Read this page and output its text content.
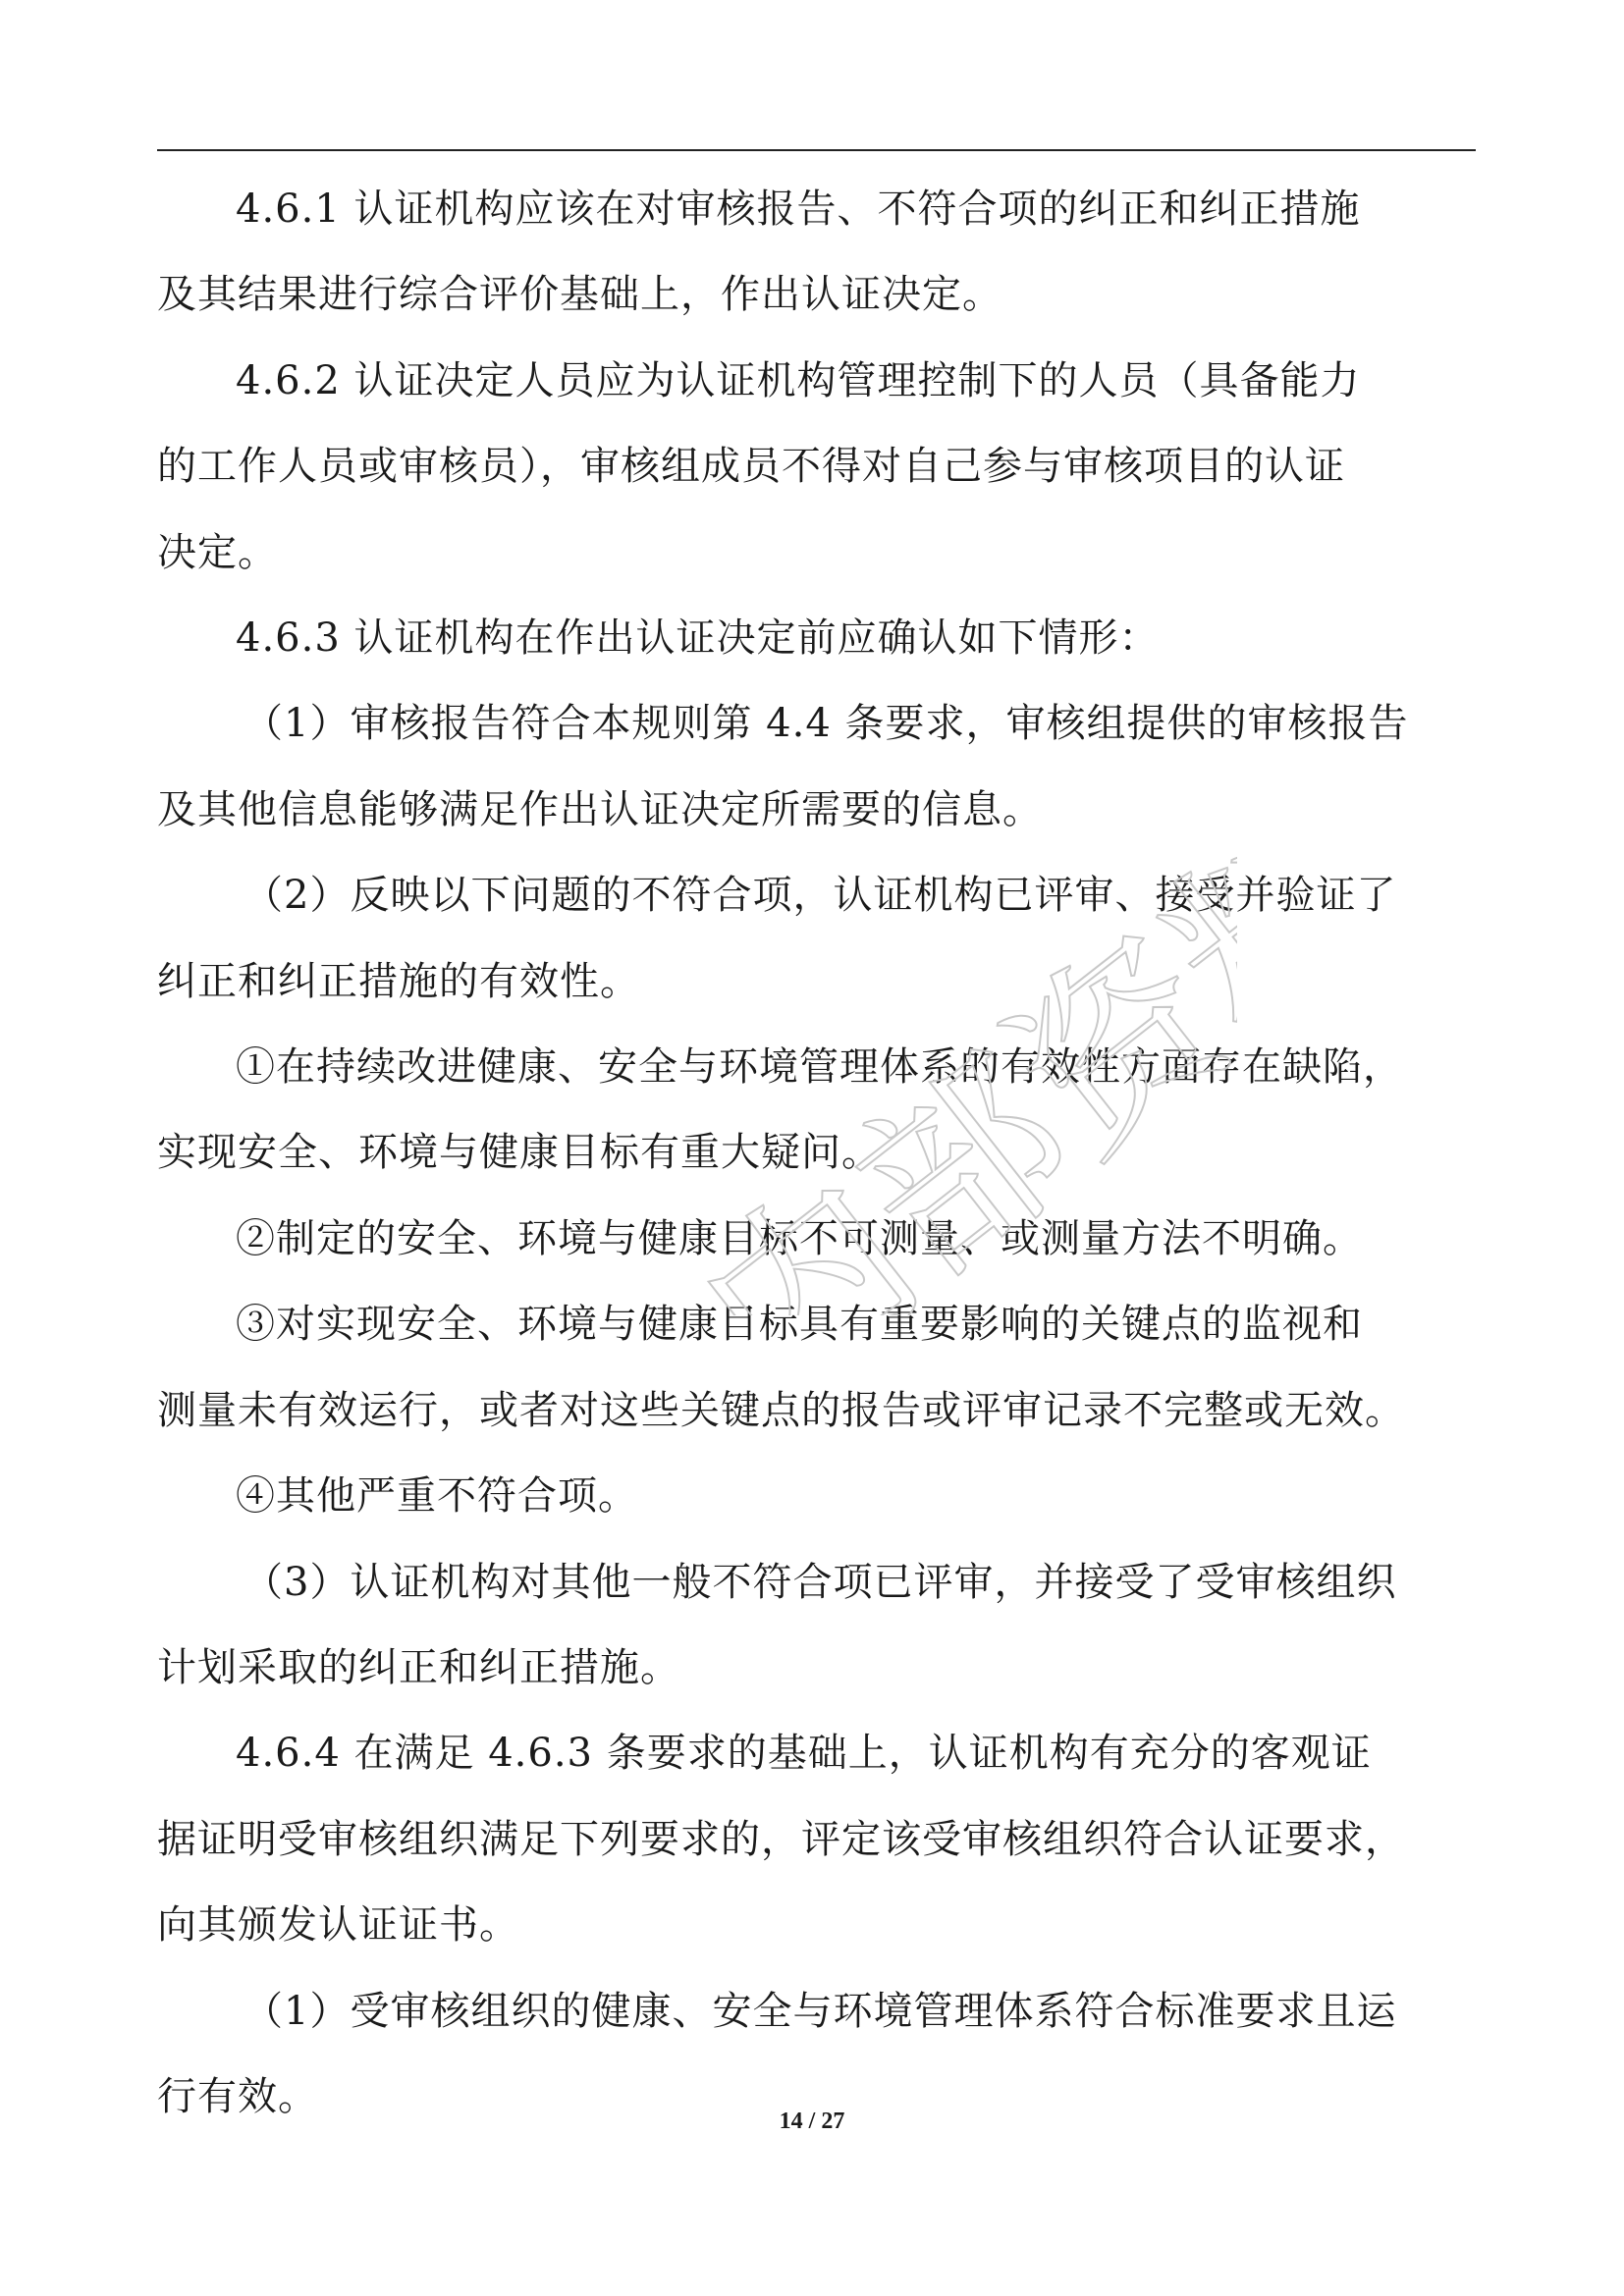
4.6.1 认证机构应该在对审核报告、不符合项的纠正和纠正措施
及其结果进行综合评价基础上，作出认证决定。

4.6.2 认证决定人员应为认证机构管理控制下的人员（具备能力
的工作人员或审核员），审核组成员不得对自己参与审核项目的认证
决定。

4.6.3 认证机构在作出认证决定前应确认如下情形：

（1）审核报告符合本规则第 4.4 条要求，审核组提供的审核报告
及其他信息能够满足作出认证决定所需要的信息。

（2）反映以下问题的不符合项，认证机构已评审、接受并验证了
纠正和纠正措施的有效性。

①在持续改进健康、安全与环境管理体系的有效性方面存在缺陷，
实现安全、环境与健康目标有重大疑问。

②制定的安全、环境与健康目标不可测量、或测量方法不明确。

③对实现安全、环境与健康目标具有重要影响的关键点的监视和
测量未有效运行，或者对这些关键点的报告或评审记录不完整或无效。

④其他严重不符合项。

（3）认证机构对其他一般不符合项已评审，并接受了受审核组织
计划采取的纠正和纠正措施。

4.6.4 在满足 4.6.3 条要求的基础上，认证机构有充分的客观证
据证明受审核组织满足下列要求的，评定该受审核组织符合认证要求，
向其颁发认证证书。

（1）受审核组织的健康、安全与环境管理体系符合标准要求且运
行有效。

内部资料
14 / 27
